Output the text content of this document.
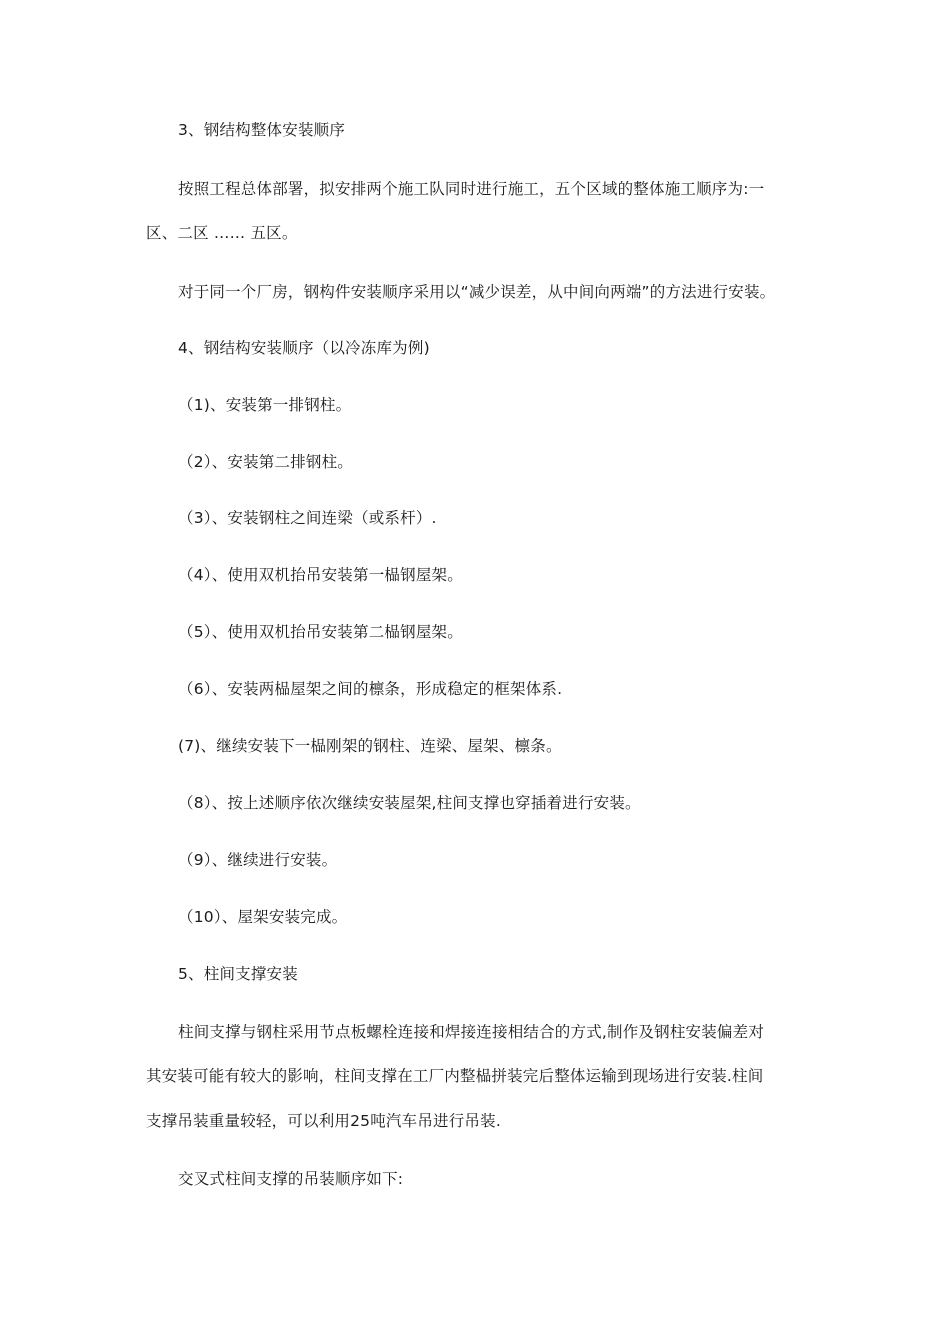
3、钢结构整体安装顺序
按照工程总体部署，拟安排两个施工队同时进行施工，五个区域的整体施工顺序为:一
区、二区 …… 五区。
对于同一个厂房，钢构件安装顺序采用以“减少误差，从中间向两端”的方法进行安装。
4、钢结构安装顺序（以冷冻库为例)
（1)、安装第一排钢柱。
（2）、安装第二排钢柱。
（3）、安装钢柱之间连梁（或系杆）.
（4）、使用双机抬吊安装第一榀钢屋架。
（5）、使用双机抬吊安装第二榀钢屋架。
（6）、安装两榀屋架之间的檩条，形成稳定的框架体系.
(7)、继续安装下一榀刚架的钢柱、连梁、屋架、檩条。
（8）、按上述顺序依次继续安装屋架,柱间支撑也穿插着进行安装。
（9）、继续进行安装。
（10）、屋架安装完成。
5、柱间支撑安装
柱间支撑与钢柱采用节点板螺栓连接和焊接连接相结合的方式,制作及钢柱安装偏差对
其安装可能有较大的影响，柱间支撑在工厂内整榀拼装完后整体运输到现场进行安装.柱间
支撑吊装重量较轻，可以利用25吨汽车吊进行吊装.
交叉式柱间支撑的吊装顺序如下:
